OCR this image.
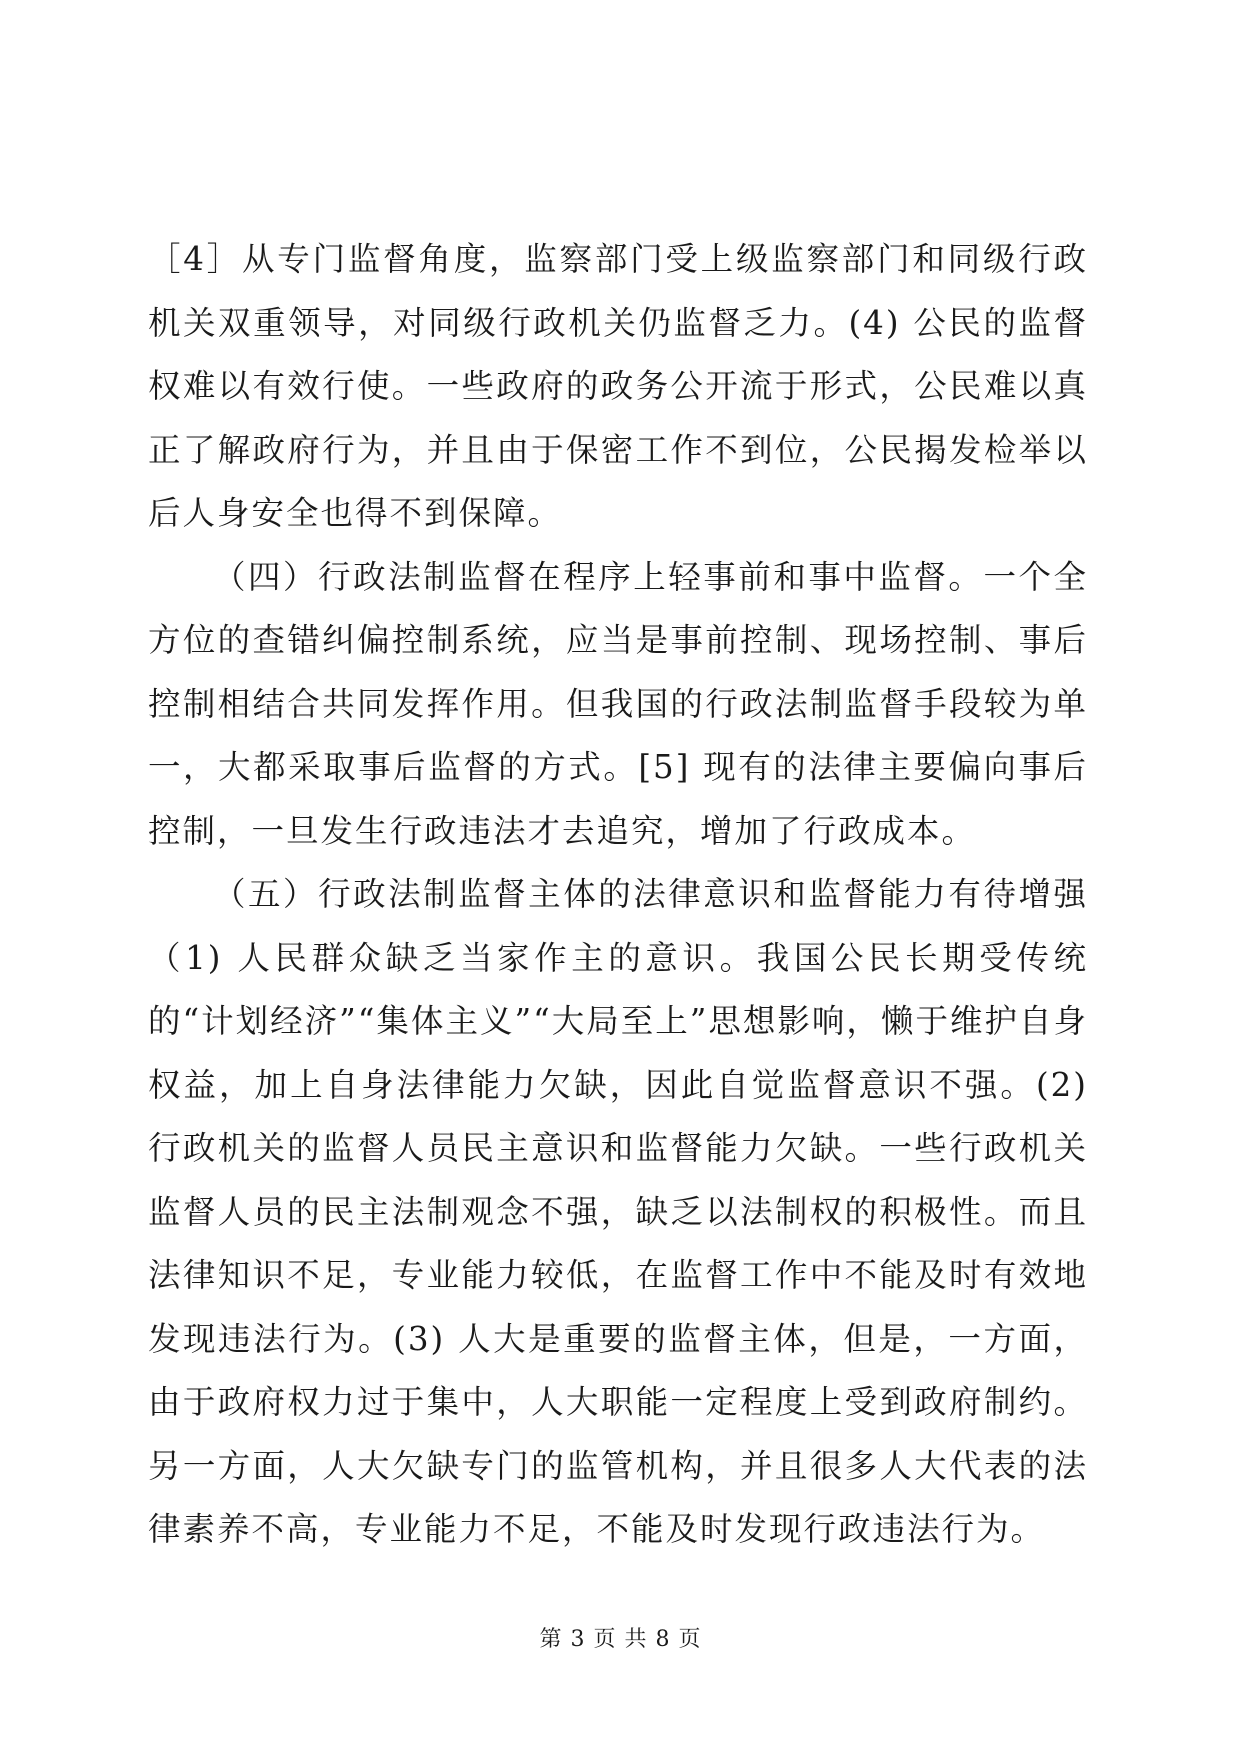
［4］从专门监督角度，监察部门受上级监察部门和同级行政机关双重领导，对同级行政机关仍监督乏力。(4) 公民的监督权难以有效行使。一些政府的政务公开流于形式，公民难以真正了解政府行为，并且由于保密工作不到位，公民揭发检举以后人身安全也得不到保障。

（四）行政法制监督在程序上轻事前和事中监督。一个全方位的查错纠偏控制系统，应当是事前控制、现场控制、事后控制相结合共同发挥作用。但我国的行政法制监督手段较为单一，大都采取事后监督的方式。[5] 现有的法律主要偏向事后控制，一旦发生行政违法才去追究，增加了行政成本。

（五）行政法制监督主体的法律意识和监督能力有待增强（1) 人民群众缺乏当家作主的意识。我国公民长期受传统的“计划经济”“集体主义”“大局至上”思想影响，懒于维护自身权益，加上自身法律能力欠缺，因此自觉监督意识不强。(2) 行政机关的监督人员民主意识和监督能力欠缺。一些行政机关监督人员的民主法制观念不强，缺乏以法制权的积极性。而且法律知识不足，专业能力较低，在监督工作中不能及时有效地发现违法行为。(3) 人大是重要的监督主体，但是，一方面，由于政府权力过于集中，人大职能一定程度上受到政府制约。另一方面，人大欠缺专门的监管机构，并且很多人大代表的法律素养不高，专业能力不足，不能及时发现行政违法行为。

第 3 页 共 8 页
